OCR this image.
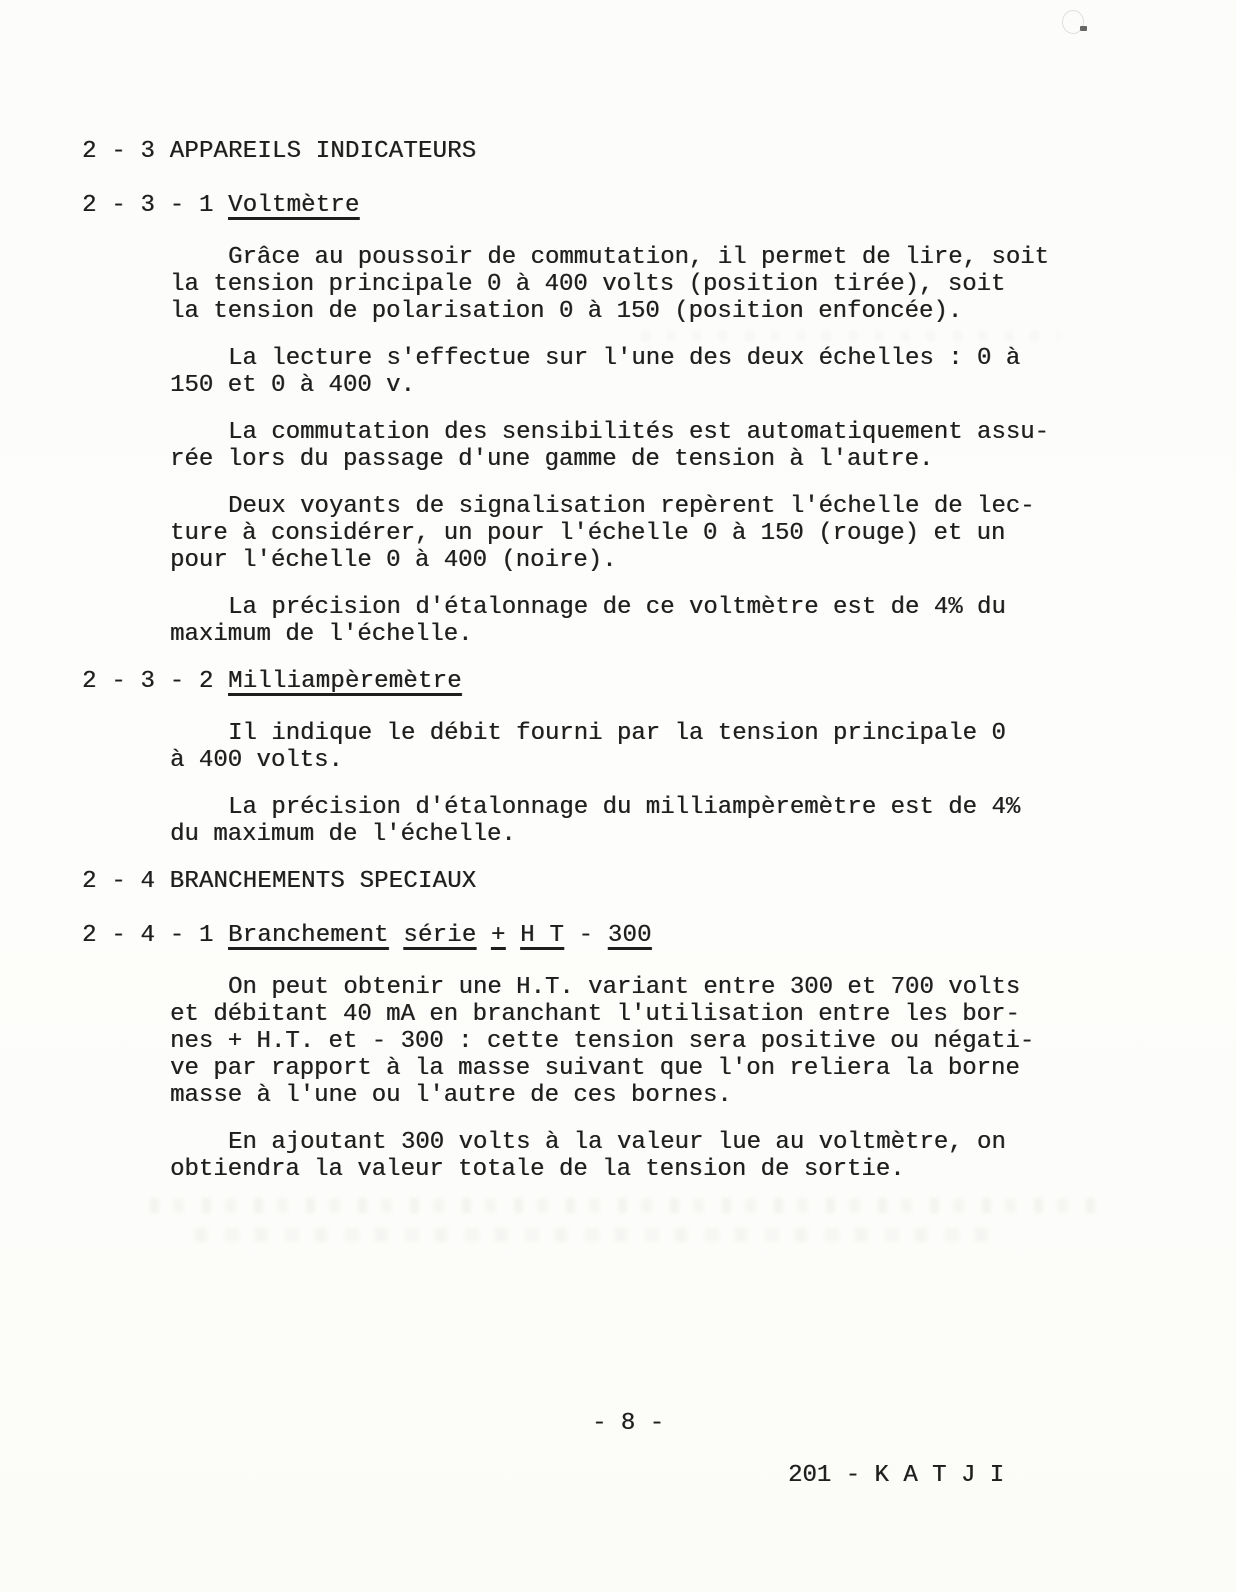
2 - 3 APPAREILS INDICATEURS
2 - 3 - 1 Voltmètre
Grâce au poussoir de commutation, il permet de lire, soit
la tension principale 0 à 400 volts (position tirée), soit
la tension de polarisation 0 à 150 (position enfoncée).
La lecture s'effectue sur l'une des deux échelles : 0 à
150 et 0 à 400 v.
La commutation des sensibilités est automatiquement assu-
rée lors du passage d'une gamme de tension à l'autre.
Deux voyants de signalisation repèrent l'échelle de lec-
ture à considérer, un pour l'échelle 0 à 150 (rouge) et un
pour l'échelle 0 à 400 (noire).
La précision d'étalonnage de ce voltmètre est de 4% du
maximum de l'échelle.
2 - 3 - 2 Milliampèremètre
Il indique le débit fourni par la tension principale 0
à 400 volts.
La précision d'étalonnage du milliampèremètre est de 4%
du maximum de l'échelle.
2 - 4 BRANCHEMENTS SPECIAUX
2 - 4 - 1 Branchement série + H T - 300
On peut obtenir une H.T. variant entre 300 et 700 volts
et débitant 40 mA en branchant l'utilisation entre les bor-
nes + H.T. et - 300 : cette tension sera positive ou négati-
ve par rapport à la masse suivant que l'on reliera la borne
masse à l'une ou l'autre de ces bornes.
En ajoutant 300 volts à la valeur lue au voltmètre, on
obtiendra la valeur totale de la tension de sortie.
- 8 -
201 - K A T J I
